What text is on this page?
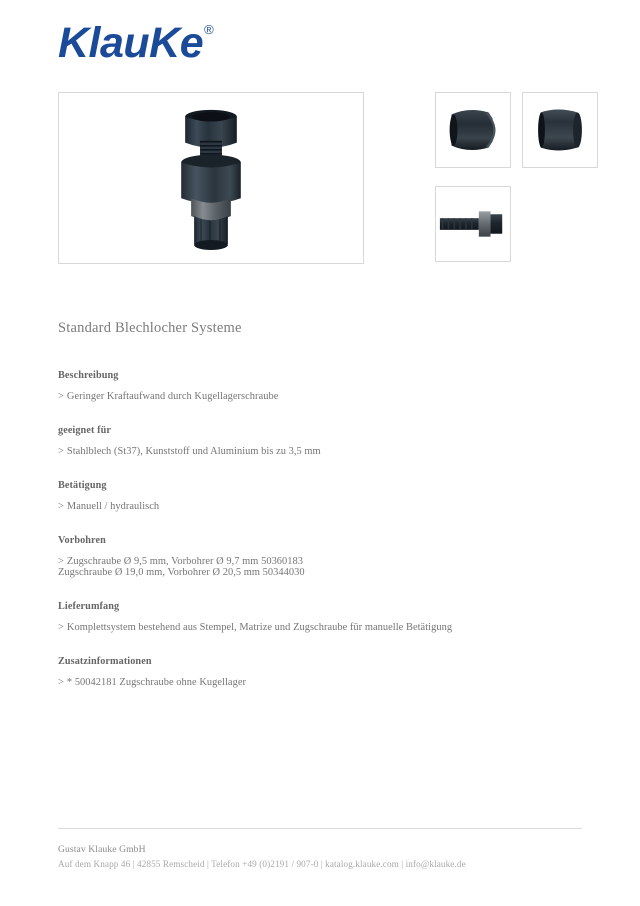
KlauKe®
Standard Blechlocher Systeme
Beschreibung
> Geringer Kraftaufwand durch Kugellagerschraube
geeignet für
> Stahlblech (St37), Kunststoff und Aluminium bis zu 3,5 mm
Betätigung
> Manuell / hydraulisch
Vorbohren
> Zugschraube Ø 9,5 mm, Vorbohrer Ø 9,7 mm 50360183
Zugschraube Ø 19,0 mm, Vorbohrer Ø 20,5 mm 50344030
Lieferumfang
> Komplettsystem bestehend aus Stempel, Matrize und Zugschraube für manuelle Betätigung
Zusatzinformationen
> * 50042181 Zugschraube ohne Kugellager
Gustav Klauke GmbH
Auf dem Knapp 46 | 42855 Remscheid | Telefon +49 (0)2191 / 907-0 | katalog.klauke.com | info@klauke.de
